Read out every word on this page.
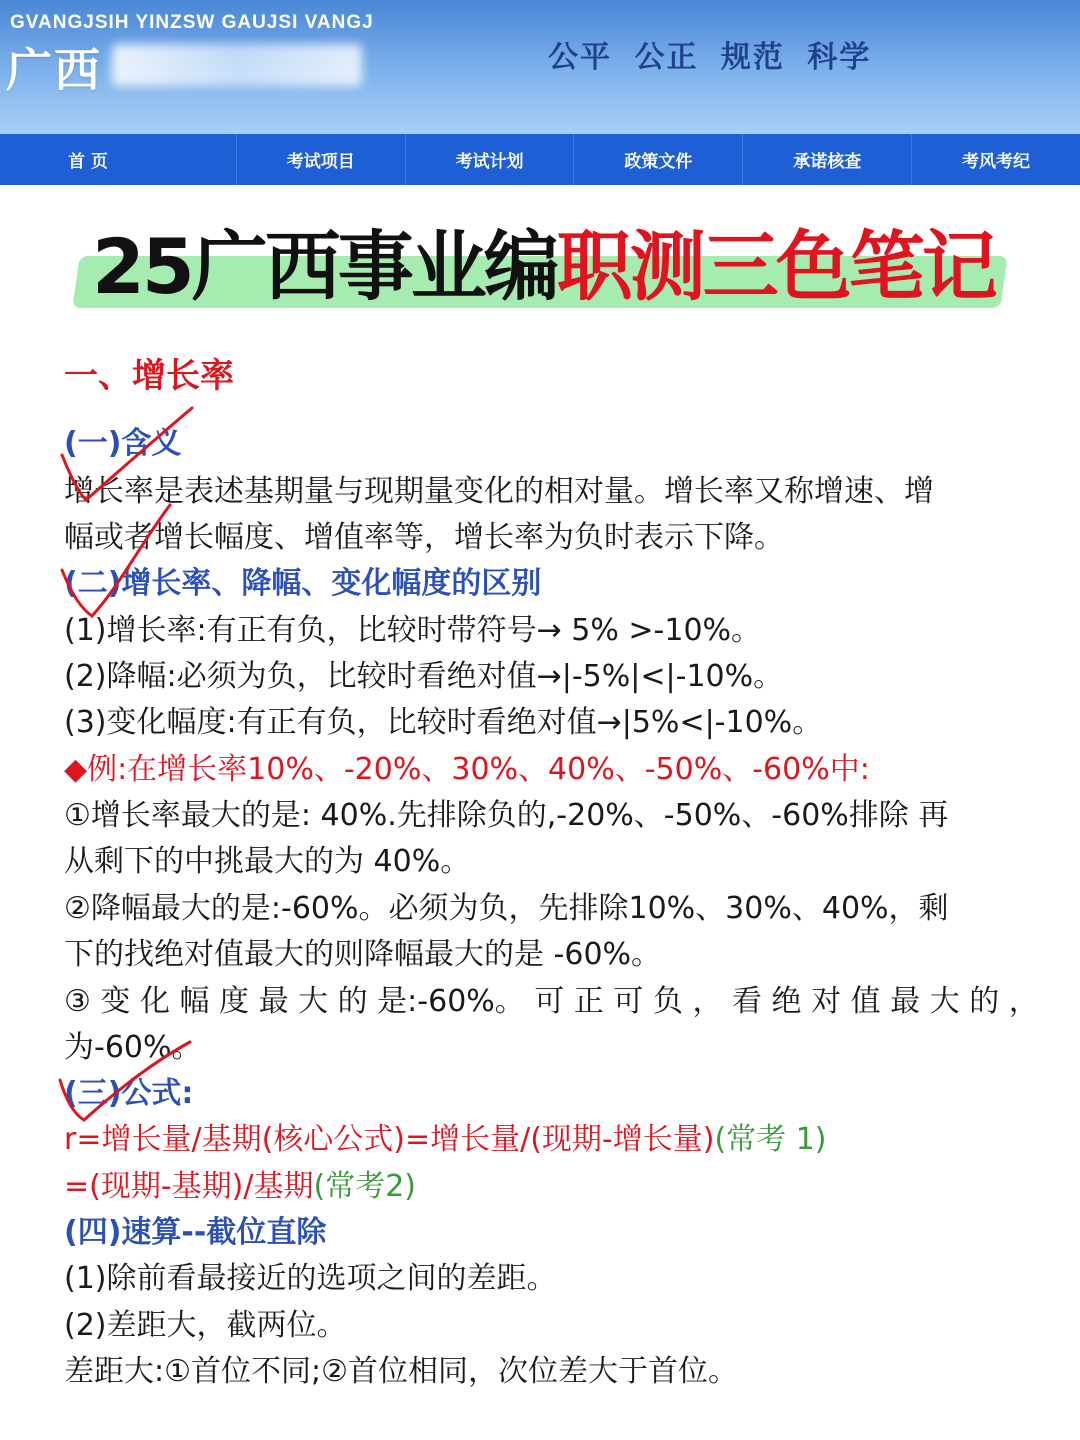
GVANGJSIH YINZSW GAUJSI VANGJ
广西	公平 公正 规范 科学
首 页	考试项目	考试计划	政策文件	承诺核查	考风考纪
25广西事业编职测三色笔记
一、增长率
(一)含义
增长率是表述基期量与现期量变化的相对量。增长率又称增速、增
幅或者增长幅度、增值率等，增长率为负时表示下降。
(二)增长率、降幅、变化幅度的区别
(1)增长率:有正有负，比较时带符号→ 5% >-10%。
(2)降幅:必须为负，比较时看绝对值→|-5%|<|-10%。
(3)变化幅度:有正有负，比较时看绝对值→|5%<|-10%。
◆例:在增长率10%、-20%、30%、40%、-50%、-60%中:
①增长率最大的是: 40%.先排除负的,-20%、-50%、-60%排除 再
从剩下的中挑最大的为 40%。
②降幅最大的是:-60%。必须为负，先排除10%、30%、40%，剩
下的找绝对值最大的则降幅最大的是 -60%。
③ 变 化 幅 度 最 大 的 是:-60%。 可 正 可 负 ， 看 绝 对 值 最 大 的 ，
为-60%。
(三)公式:
r=增长量/基期(核心公式)=增长量/(现期-增长量)(常考 1)
=(现期-基期)/基期(常考2)
(四)速算--截位直除
(1)除前看最接近的选项之间的差距。
(2)差距大，截两位。
差距大:①首位不同;②首位相同，次位差大于首位。
